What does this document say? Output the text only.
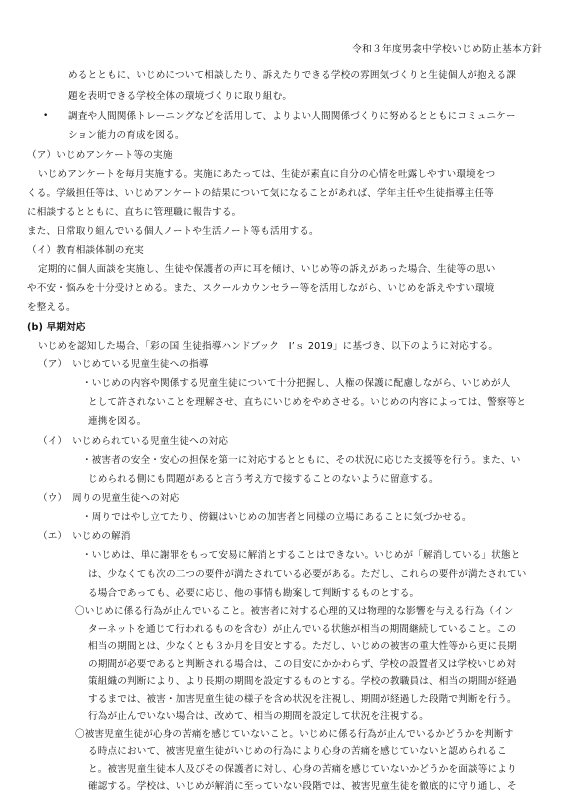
令和３年度男衾中学校いじめ防止基本方針
めるとともに、いじめについて相談したり、訴えたりできる学校の雰囲気づくりと生徒個人が抱える課
題を表明できる学校全体の環境づくりに取り組む。
• 調査や人間関係トレーニングなどを活用して、よりよい人間関係づくりに努めるとともにコミュニケー
ション能力の育成を図る。
（ア）いじめアンケート等の実施
いじめアンケートを毎月実施する。実施にあたっては、生徒が素直に自分の心情を吐露しやすい環境をつ
くる。学級担任等は、いじめアンケートの結果について気になることがあれば、学年主任や生徒指導主任等
に相談するとともに、直ちに管理職に報告する。
また、日常取り組んでいる個人ノートや生活ノート等も活用する。
（イ）教育相談体制の充実
定期的に個人面談を実施し、生徒や保護者の声に耳を傾け、いじめ等の訴えがあった場合、生徒等の思い
や不安・悩みを十分受けとめる。また、スクールカウンセラー等を活用しながら、いじめを訴えやすい環境
を整える。
(b) 早期対応
いじめを認知した場合、「彩の国 生徒指導ハンドブック　I’ｓ 2019」に基づき、以下のように対応する。
（ア）　いじめている児童生徒への指導
・いじめの内容や関係する児童生徒について十分把握し、人権の保護に配慮しながら、いじめが人
として許されないことを理解させ、直ちにいじめをやめさせる。いじめの内容によっては、警察等と
連携を図る。
（イ）　いじめられている児童生徒への対応
・被害者の安全・安心の担保を第一に対応するとともに、その状況に応じた支援等を行う。また、い
じめられる側にも問題があると言う考え方で接することのないように留意する。
（ウ）　周りの児童生徒への対応
・周りではやし立てたり、傍観はいじめの加害者と同様の立場にあることに気づかせる。
（エ）　いじめの解消
・いじめは、単に謝罪をもって安易に解消とすることはできない。いじめが「解消している」状態と
は、少なくても次の二つの要件が満たされている必要がある。ただし、これらの要件が満たされてい
る場合であっても、必要に応じ、他の事情も勘案して判断するものとする。
〇いじめに係る行為が止んでいること。被害者に対する心理的又は物理的な影響を与える行為（イン
ターネットを通じて行われるものを含む）が止んでいる状態が相当の期間継続していること。この
相当の期間とは、少なくとも３か月を目安とする。ただし、いじめの被害の重大性等から更に長期
の期間が必要であると判断される場合は、この目安にかかわらず、学校の設置者又は学校いじめ対
策組織の判断により、より長期の期間を設定するものとする。学校の教職員は、相当の期間が経過
するまでは、被害・加害児童生徒の様子を含め状況を注視し、期間が経過した段階で判断を行う。
行為が止んでいない場合は、改めて、相当の期間を設定して状況を注視する。
〇被害児童生徒が心身の苦痛を感じていないこと。いじめに係る行為が止んでいるかどうかを判断す
る時点において、被害児童生徒がいじめの行為により心身の苦痛を感じていないと認められるこ
と。被害児童生徒本人及びその保護者に対し、心身の苦痛を感じていないかどうかを面談等により
確認する。学校は、いじめが解消に至っていない段階では、被害児童生徒を徹底的に守り通し、そ
